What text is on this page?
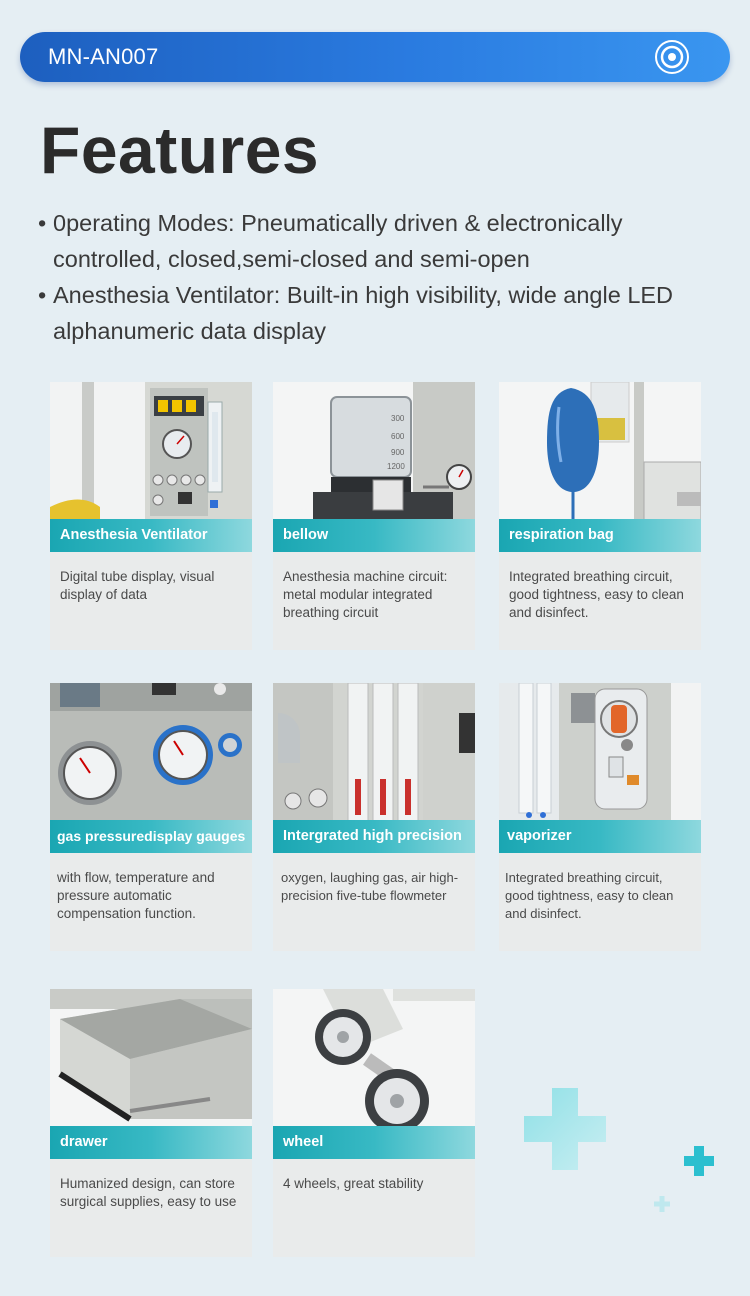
MN-AN007
Features
• 0perating Modes: Pneumatically driven & electronically controlled, closed,semi-closed and semi-open
• Anesthesia Ventilator: Built-in high visibility, wide angle LED alphanumeric data display
Anesthesia Ventilator
Digital tube display, visual display of data
300
600
900
1200
bellow
Anesthesia machine circuit: metal modular integrated breathing circuit
respiration bag
Integrated breathing circuit, good tightness, easy to clean and disinfect.
gas pressuredisplay gauges
with flow, temperature and pressure automatic compensation function.
Intergrated high precision
oxygen, laughing gas, air high-precision five-tube flowmeter
vaporizer
Integrated breathing circuit, good tightness, easy to clean and disinfect.
drawer
Humanized design, can store surgical supplies, easy to use
wheel
4 wheels, great stability
